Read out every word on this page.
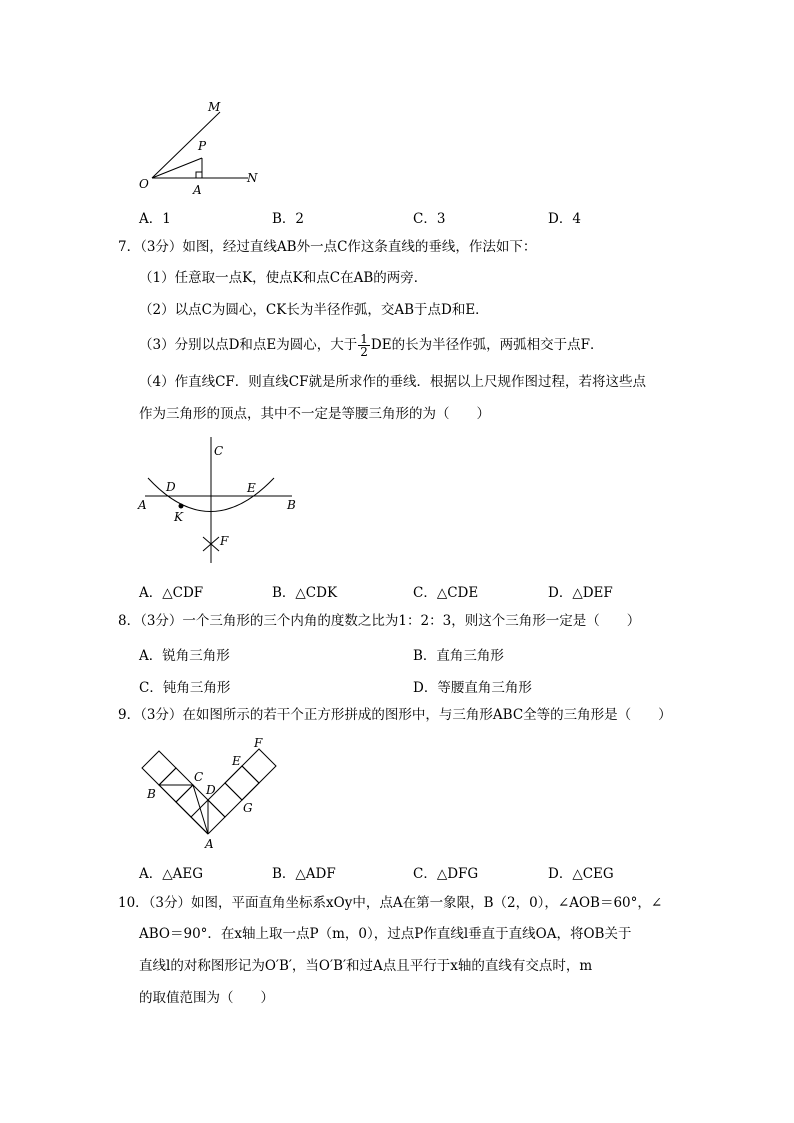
M
P
O	A
N
A．1	B．2	C．3	D．4
7．（3分）如图，经过直线AB外一点C作这条直线的垂线，作法如下：
（1）任意取一点K，使点K和点C在AB的两旁．
（2）以点C为圆心，CK长为半径作弧，交AB于点D和E．
（3）分别以点D和点E为圆心，大于 $\frac{1}{2}$ DE的长为半径作弧，两弧相交于点F．
（4）作直线CF．则直线CF就是所求作的垂线．根据以上尺规作图过程，若将这些点
作为三角形的顶点，其中不一定是等腰三角形的为（　　）
C
D	E
A	B
K
F
A．△CDF	B．△CDK	C．△CDE	D．△DEF
8．（3分）一个三角形的三个内角的度数之比为1：2：3，则这个三角形一定是（　　）
A．锐角三角形	B．直角三角形
C．钝角三角形	D．等腰直角三角形
9．（3分）在如图所示的若干个正方形拼成的图形中，与三角形ABC全等的三角形是（　　）
F
E
C
D
B
G
A
A．△AEG	B．△ADF	C．△DFG	D．△CEG
10．（3分）如图，平面直角坐标系xOy中，点A在第一象限，B（2，0），∠AOB＝60°，∠
ABO＝90°．在x轴上取一点P（m，0），过点P作直线l垂直于直线OA，将OB关于
直线l的对称图形记为O′B′，当O′B′和过A点且平行于x轴的直线有交点时，m
的取值范围为（　　）
